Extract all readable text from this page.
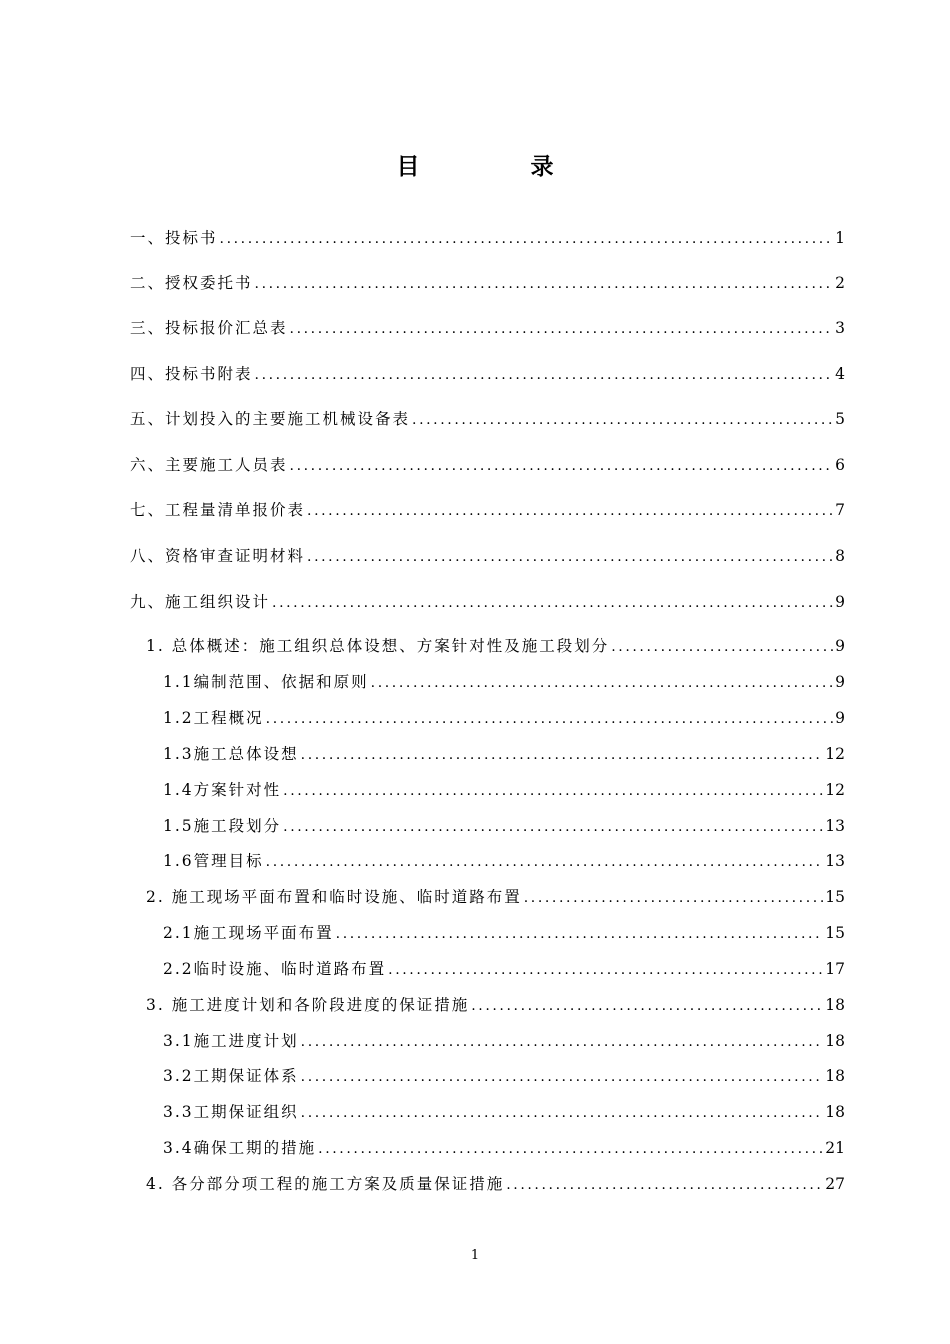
目　录
一、投标书 .....	1
二、授权委托书 .....	2
三、投标报价汇总表 .....	3
四、投标书附表 .....	4
五、计划投入的主要施工机械设备表 .....	5
六、主要施工人员表 .....	6
七、工程量清单报价表 .....	7
八、资格审查证明材料 .....	8
九、施工组织设计 .....	9
1. 总体概述：施工组织总体设想、方案针对性及施工段划分 .....	9
1.1编制范围、依据和原则 .....	9
1.2工程概况 .....	9
1.3施工总体设想 .....	12
1.4方案针对性 .....	12
1.5施工段划分 .....	13
1.6管理目标 .....	13
2. 施工现场平面布置和临时设施、临时道路布置 .....	15
2.1施工现场平面布置 .....	15
2.2临时设施、临时道路布置 .....	17
3. 施工进度计划和各阶段进度的保证措施 .....	18
3.1施工进度计划 .....	18
3.2工期保证体系 .....	18
3.3工期保证组织 .....	18
3.4确保工期的措施 .....	21
4. 各分部分项工程的施工方案及质量保证措施 .....	27
1
